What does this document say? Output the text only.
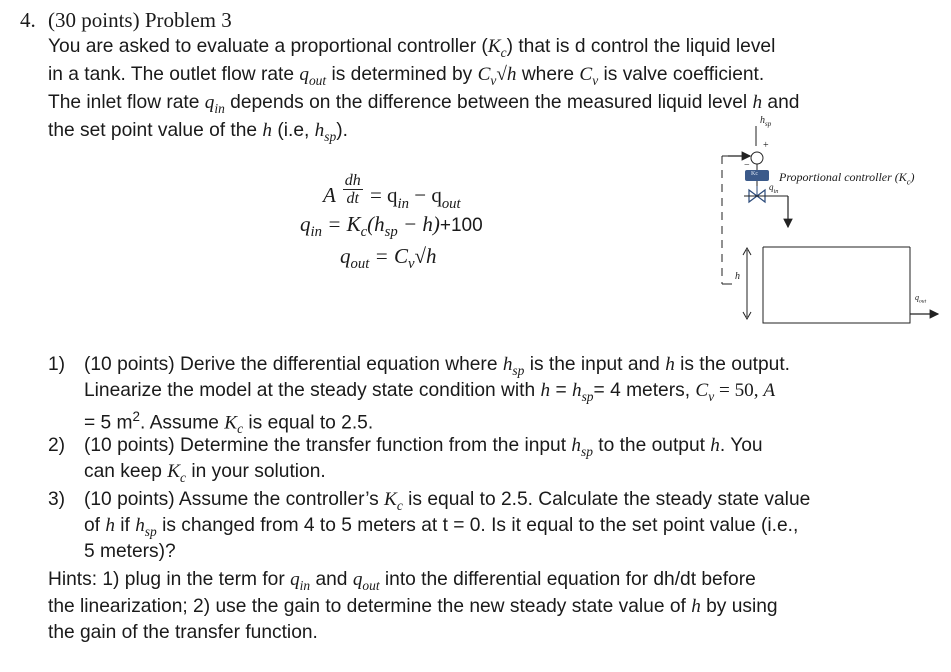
4. (30 points) Problem 3
You are asked to evaluate a proportional controller $(K_c)$ that is d control the liquid level
in a tank. The outlet flow rate $q_{out}$ is determined by $C_v√h$ where $C_v$ is valve coefficient.
The inlet flow rate $q_{in}$ depends on the difference between the measured liquid level h and
the set point value of the h (i.e, $h_{sp}$).
A $\frac{dh}{dt} = q_{in} - q_{out}$
$q_{in} = K_c(h_{sp} - h)+100$
$q_{out} = C_v√h$
$h_{sp}$
+
−
Kc Proportional controller $(K_c)$
$q_{in}$
h
$q_{out}$
1) (10 points) Derive the differential equation where $h_{sp}$ is the input and h is the output.
Linearize the model at the steady state condition with $h = h_{sp}= 4$ meters, $C_v = 50$, A
= 5 $m^2$. Assume $K_c$ is equal to 2.5.
2) (10 points) Determine the transfer function from the input $h_{sp}$ to the output h. You
can keep $K_c$ in your solution.
3) (10 points) Assume the controller’s $K_c$ is equal to 2.5. Calculate the steady state value
of h if $h_{sp}$ is changed from 4 to 5 meters at t = 0. Is it equal to the set point value (i.e.,
5 meters)?
Hints: 1) plug in the term for $q_{in}$ and $q_{out}$ into the differential equation for dh/dt before
the linearization; 2) use the gain to determine the new steady state value of h by using
the gain of the transfer function.
